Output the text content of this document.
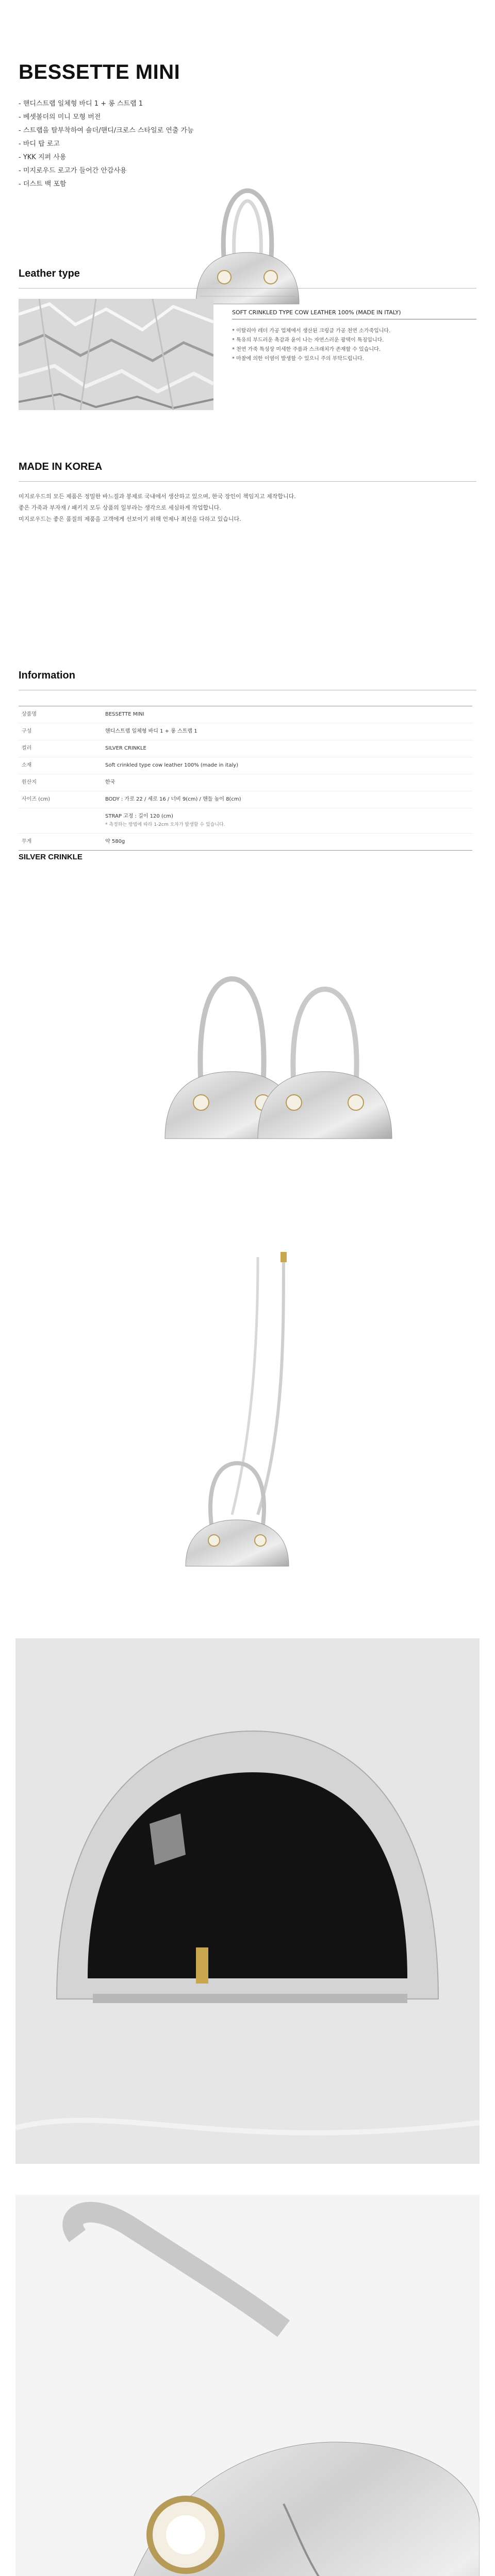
BESSETTE MINI
- 핸디스트랩 일체형 바디 1 + 롱 스트랩 1
- 베셋볼더의 미니 모형 버전
- 스트랩을 탈부착하여 숄더/핸디/크로스 스타일로 연출 가능
- 바디 탑 로고
- YKK 지퍼 사용
- 미지로우드 로고가 들어간 안감사용
- 더스트 백 포함
Leather type
SOFT CRINKLED TYPE COW LEATHER 100% (MADE IN ITALY)
* 이탈리아 레더 가공 업체에서 생산된 크링클 가공 천연 소가죽입니다.
* 특유의 부드러운 촉감과 윤이 나는 자연스러운 광택이 특징입니다.
* 천연 가죽 특성상 미세한 주름과 스크래치가 존재할 수 있습니다.
* 마찰에 의한 이염이 발생할 수 있으니 주의 부탁드립니다.
MADE IN KOREA

미지로우드의 모든 제품은 정밀한 바느질과 봉제로 국내에서 생산하고 있으며, 한국 장인이 책임지고 제작합니다.

좋은 가죽과 부자재 / 패키지 모두 상품의 일부라는 생각으로 세심하게 작업합니다.

미지로우드는 좋은 품질의 제품을 고객에게 선보이기 위해 언제나 최선을 다하고 있습니다.

Information
상품명	BESSETTE MINI

구성	핸디스트랩 일체형 바디 1 + 롱 스트랩 1

컬러	SILVER CRINKLE

소재	Soft crinkled type cow leather 100% (made in italy)

원산지	한국

사이즈 (cm)	BODY : 가로 22 / 세로 16 / 너비 9(cm) / 핸들 높이 8(cm)

	STRAP 고정 : 길이 120 (cm)
* 측정하는 방법에 따라 1-2cm 오차가 발생할 수 있습니다.

무게	약 580g
SILVER CRINKLE
